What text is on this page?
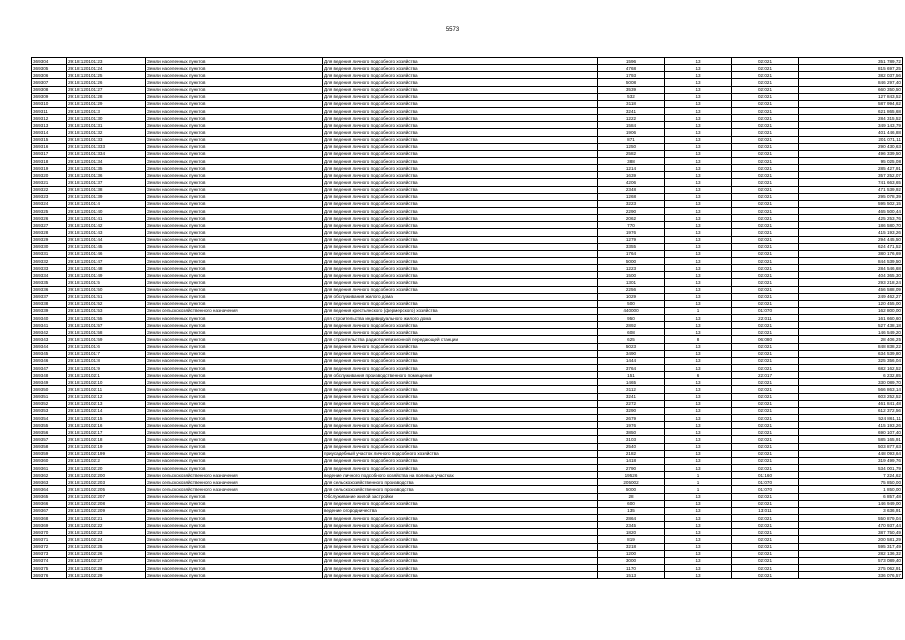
5573
369304	29:18:120101:23	Земли населенных пунктов	Для ведения личного подсобного хозяйства	1596	13	02:021	351 789,72
369305	29:18:120101:24	Земли населенных пунктов	Для ведения личного подсобного хозяйства	4768	13	02:021	815 697,25
369306	29:18:120101:25	Земли населенных пунктов	Для ведения личного подсобного хозяйства	1793	13	02:021	382 037,56
369307	29:18:120101:26	Земли населенных пунктов	Для ведения личного подсобного хозяйства	5008	13	02:021	846 297,40
369308	29:18:120101:27	Земли населенных пунктов	Для ведения личного подсобного хозяйства	3539	13	02:021	660 350,50
369309	29:18:120101:28	Земли населенных пунктов	Для ведения личного подсобного хозяйства	532	13	02:021	127 843,52
369310	29:18:120101:29	Земли населенных пунктов	Для ведения личного подсобного хозяйства	3118	13	02:021	587 994,62
369311	29:18:120101:3	Земли населенных пунктов	Для ведения личного подсобного хозяйства	3241	13	02:021	621 865,68
369312	29:18:120101:30	Земли населенных пунктов	Для ведения личного подсобного хозяйства	1222	13	02:021	284 315,52
369313	29:18:120101:31	Земли населенных пунктов	Для ведения личного подсобного хозяйства	1584	13	02:021	349 143,79
369314	29:18:120101:32	Земли населенных пунктов	Для ведения личного подсобного хозяйства	1906	13	02:021	401 446,88
369315	29:18:120101:33	Земли населенных пунктов	Для ведения личного подсобного хозяйства	871	13	02:021	201 071,11
369316	29:18:120101:333	Земли населенных пунктов	Для ведения личного подсобного хозяйства	1250	13	02:021	290 430,63
369317	29:18:120101:334	Земли населенных пунктов	Для ведения личного подсобного хозяйства	2582	13	02:021	496 339,50
369318	29:18:120101:34	Земли населенных пунктов	Для ведения личного подсобного хозяйства	388	13	02:021	95 025,08
369319	29:18:120101:35	Земли населенных пунктов	Для ведения личного подсобного хозяйства	1214	13	02:021	285 427,91
369320	29:18:120101:36	Земли населенных пунктов	Для ведения личного подсобного хозяйства	1639	13	02:021	357 252,07
369321	29:18:120101:37	Земли населенных пунктов	Для ведения личного подсобного хозяйства	4206	13	02:021	741 663,65
369322	29:18:120101:38	Земли населенных пунктов	Для ведения личного подсобного хозяйства	2348	13	02:021	471 539,92
369323	29:18:120101:39	Земли населенных пунктов	Для ведения личного подсобного хозяйства	1268	13	02:021	295 078,39
369324	29:18:120101:4	Земли населенных пунктов	Для ведения личного подсобного хозяйства	3223	13	02:021	595 502,15
369325	29:18:120101:40	Земли населенных пунктов	Для ведения личного подсобного хозяйства	2290	13	02:021	465 500,44
369326	29:18:120101:41	Земли населенных пунктов	Для ведения личного подсобного хозяйства	2062	13	02:021	425 253,76
369327	29:18:120101:42	Земли населенных пунктов	Для ведения личного подсобного хозяйства	770	13	02:021	186 580,70
369328	29:18:120101:43	Земли населенных пунктов	Для ведения личного подсобного хозяйства	1976	13	02:021	415 193,26
369329	29:18:120101:44	Земли населенных пунктов	Для ведения личного подсобного хозяйства	1279	13	02:021	294 445,50
369330	29:18:120101:45	Земли населенных пунктов	Для ведения личного подсобного хозяйства	3355	13	02:021	624 471,52
369331	29:18:120101:46	Земли населенных пунктов	Для ведения личного подсобного хозяйства	1764	13	02:021	380 176,69
369332	29:18:120101:47	Земли населенных пунктов	Для ведения личного подсобного хозяйства	5000	13	02:021	844 539,50
369333	29:18:120101:48	Земли населенных пунктов	Для ведения личного подсобного хозяйства	1223	13	02:021	284 546,68
369334	29:18:120101:49	Земли населенных пунктов	Для ведения личного подсобного хозяйства	1500	13	02:021	404 365,30
369335	29:18:120101:5	Земли населенных пунктов	Для ведения личного подсобного хозяйства	1301	13	02:021	293 218,24
369336	29:18:120101:50	Земли населенных пунктов	Для ведения личного подсобного хозяйства	2256	13	02:021	456 588,09
369337	29:18:120101:51	Земли населенных пунктов	Для обслуживания жилого дома	1029	13	02:021	249 462,27
369338	29:18:120101:52	Земли населенных пунктов	Для ведения личного подсобного хозяйства	500	13	02:021	120 455,00
369339	29:18:120101:53	Земли сельскохозяйственного назначения	Для ведения крестьянского (фермерского) хозяйства	440000	1	01:070	162 800,00
369340	29:18:120101:55	Земли населенных пунктов	для строительства индивидуального жилого дома	950	13	22:011	161 660,60
369341	29:18:120101:57	Земли населенных пунктов	Для ведения личного подсобного хозяйства	2892	13	02:021	527 438,18
369342	29:18:120101:58	Земли населенных пунктов	Для ведения личного подсобного хозяйства	608	13	02:021	146 549,20
369343	29:18:120101:59	Земли населенных пунктов	Для строительства радиотелевизионной передающей станции	625	8	06:080	28 406,25
369344	29:18:120101:6	Земли населенных пунктов	Для ведения личного подсобного хозяйства	5023	13	02:021	848 838,22
369345	29:18:120101:7	Земли населенных пунктов	Для ведения личного подсобного хозяйства	3490	13	02:021	634 539,80
369346	29:18:120101:8	Земли населенных пунктов	Для ведения личного подсобного хозяйства	1444	13	02:021	325 356,04
369347	29:18:120101:9	Земли населенных пунктов	Для ведения личного подсобного хозяйства	3764	13	02:021	682 162,52
369348	29:18:120102:1	Земли населенных пунктов	Для обслуживания производственного помещения	151	6	22:017	6 232,85
369349	29:18:120102:10	Земли населенных пунктов	Для ведения личного подсобного хозяйства	1465	13	02:021	330 089,70
369350	29:18:120102:11	Земли населенных пунктов	Для ведения личного подсобного хозяйства	3112	13	02:021	566 863,14
369351	29:18:120102:12	Земли населенных пунктов	Для ведения личного подсобного хозяйства	3241	13	02:021	603 252,52
369352	29:18:120102:13	Земли населенных пунктов	Для ведения личного подсобного хозяйства	2272	13	02:021	461 841,48
369353	29:18:120102:14	Земли населенных пунктов	Для ведения личного подсобного хозяйства	3290	13	02:021	612 372,56
369354	29:18:120102:15	Земли населенных пунктов	Для ведения личного подсобного хозяйства	2679	13	02:021	524 861,11
369355	29:18:120102:16	Земли населенных пунктов	Для ведения личного подсобного хозяйства	1976	13	02:021	415 193,26
369356	29:18:120102:17	Земли населенных пунктов	Для ведения личного подсобного хозяйства	3850	13	02:021	690 107,40
369357	29:18:120102:18	Земли населенных пунктов	Для ведения личного подсобного хозяйства	3103	13	02:021	585 165,91
369358	29:18:120102:19	Земли населенных пунктов	Для ведения личного подсобного хозяйства	2540	13	02:021	503 877,63
369359	29:18:120102:199	Земли населенных пунктов	приусадебный участок личного подсобного хозяйства	2182	13	02:021	448 093,64
369360	29:18:120102:2	Земли населенных пунктов	Для ведения личного подсобного хозяйства	1418	13	02:021	319 499,76
369361	29:18:120102:20	Земли населенных пунктов	Для ведения личного подсобного хозяйства	2790	13	02:021	534 001,79
369362	29:18:120102:200	Земли сельскохозяйственного назначения	ведение личного подсобного хозяйства на полевых участках	19526	1	01:160	7 224,62
369363	29:18:120102:203	Земли сельскохозяйственного назначения	Для сельскохозяйственного производства	205002	1	01:070	75 850,00
369364	29:18:120102:205	Земли сельскохозяйственного назначения	Для сельскохозяйственного производства	5000	1	01:070	1 850,00
369365	29:18:120102:207	Земли населенных пунктов	Обслуживание жилой застройки	28	13	02:021	6 857,48
369366	29:18:120102:208	Земли населенных пунктов	Для ведения личного подсобного хозяйства	600	13	02:021	146 949,00
369367	29:18:120102:209	Земли населенных пунктов	ведение огородничества	135	13	13:011	3 636,91
369368	29:18:120102:21	Земли населенных пунктов	Для ведения личного подсобного хозяйства	2864	13	02:021	550 879,04
369369	29:18:120102:22	Земли населенных пунктов	Для ведения личного подсобного хозяйства	2345	13	02:021	470 937,44
369370	29:18:120102:23	Земли населенных пунктов	Для ведения личного подсобного хозяйства	1820	13	02:021	387 750,49
369371	29:18:120102:24	Земли населенных пунктов	Для ведения личного подсобного хозяйства	819	13	02:021	200 581,29
369372	29:18:120102:25	Земли населенных пунктов	Для ведения личного подсобного хозяйства	3218	13	02:021	595 317,49
369373	29:18:120102:26	Земли населенных пунктов	Для ведения личного подсобного хозяйства	1200	13	02:021	282 136,32
369374	29:18:120102:27	Земли населенных пунктов	Для ведения личного подсобного хозяйства	3000	13	02:021	573 089,40
369375	29:18:120102:28	Земли населенных пунктов	Для ведения личного подсобного хозяйства	1170	13	02:021	275 062,91
369376	29:18:120102:29	Земли населенных пунктов	Для ведения личного подсобного хозяйства	1513	13	02:021	336 076,57
